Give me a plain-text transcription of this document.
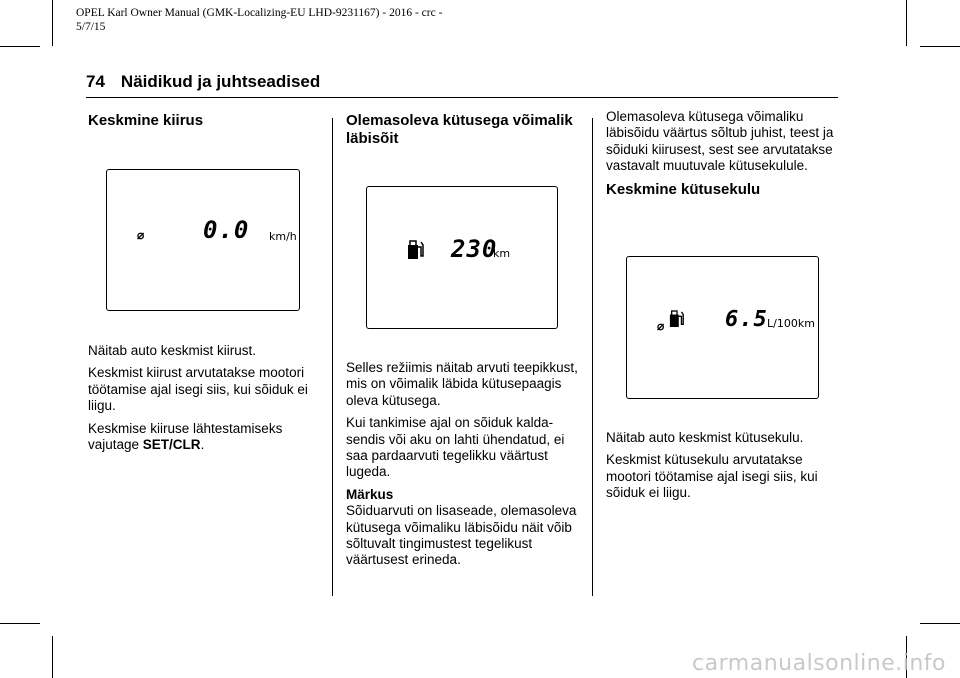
OPEL Karl Owner Manual (GMK-Localizing-EU LHD-9231167) - 2016 - crc -
5/7/15
74 Näidikud ja juhtseadised
Keskmine kiirus
⌀ 0.0 km/h

Näitab auto keskmist kiirust.

Keskmist kiirust arvutatakse mootori töötamise ajal isegi siis, kui sõiduk ei liigu.

Keskmise kiiruse lähtestamiseks vajutage SET/CLR.

Olemasoleva kütusega võimalik läbisõit
230
km

Selles režiimis näitab arvuti teepikkust, mis on võimalik läbida kütusepaagis oleva kütusega.

Kui tankimise ajal on sõiduk kaldasendis või aku on lahti ühendatud, ei saa pardaarvuti tegelikku väärtust lugeda.

Märkus

Sõiduarvuti on lisaseade, olemasoleva kütusega võimaliku läbisõidu näit võib sõltuvalt tingimustest tegelikust väärtusest erineda.

Olemasoleva kütusega võimaliku läbisõidu väärtus sõltub juhist, teest ja sõiduki kiirusest, sest see arvutatakse vastavalt muutuvale kütusekulule.

Keskmine kütusekulu
⌀	6.5 L/100km

Näitab auto keskmist kütusekulu.

Keskmist kütusekulu arvutatakse mootori töötamise ajal isegi siis, kui sõiduk ei liigu.

carmanualsonline.info
